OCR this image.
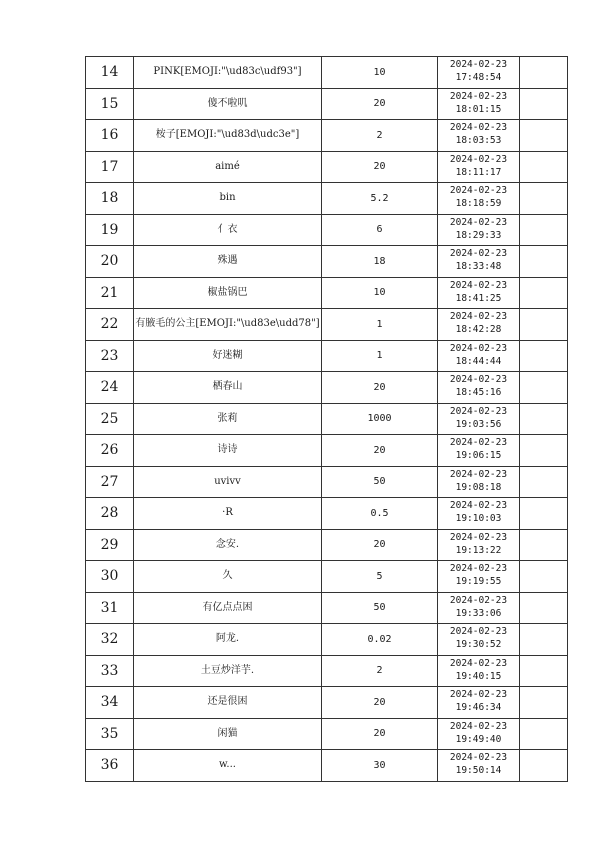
14	PINK[EMOJI:"\ud83c\udf93"]	10	2024-02-23
17:48:54	

15	傻不啦叽	20	2024-02-23
18:01:15	

16	桉子[EMOJI:"\ud83d\udc3e"]	2	2024-02-23
18:03:53	

17	aimé	20	2024-02-23
18:11:17	

18	bin	5.2	2024-02-23
18:18:59	

19	亻衣	6	2024-02-23
18:29:33	

20	殊遇	18	2024-02-23
18:33:48	

21	椒盐锅巴	10	2024-02-23
18:41:25	

22	有腋毛的公主[EMOJI:"\ud83e\udd78"]	1	2024-02-23
18:42:28	

23	好迷糊	1	2024-02-23
18:44:44	

24	栖春山	20	2024-02-23
18:45:16	

25	张莉	1000	2024-02-23
19:03:56	

26	诗诗	20	2024-02-23
19:06:15	

27	uvivv	50	2024-02-23
19:08:18	

28	·R	0.5	2024-02-23
19:10:03	

29	念安.	20	2024-02-23
19:13:22	

30	久	5	2024-02-23
19:19:55	

31	有亿点点困	50	2024-02-23
19:33:06	

32	阿龙.	0.02	2024-02-23
19:30:52	

33	土豆炒洋芋.	2	2024-02-23
19:40:15	

34	还是很困	20	2024-02-23
19:46:34	

35	闲猫	20	2024-02-23
19:49:40	

36	w...	30	2024-02-23
19:50:14	
